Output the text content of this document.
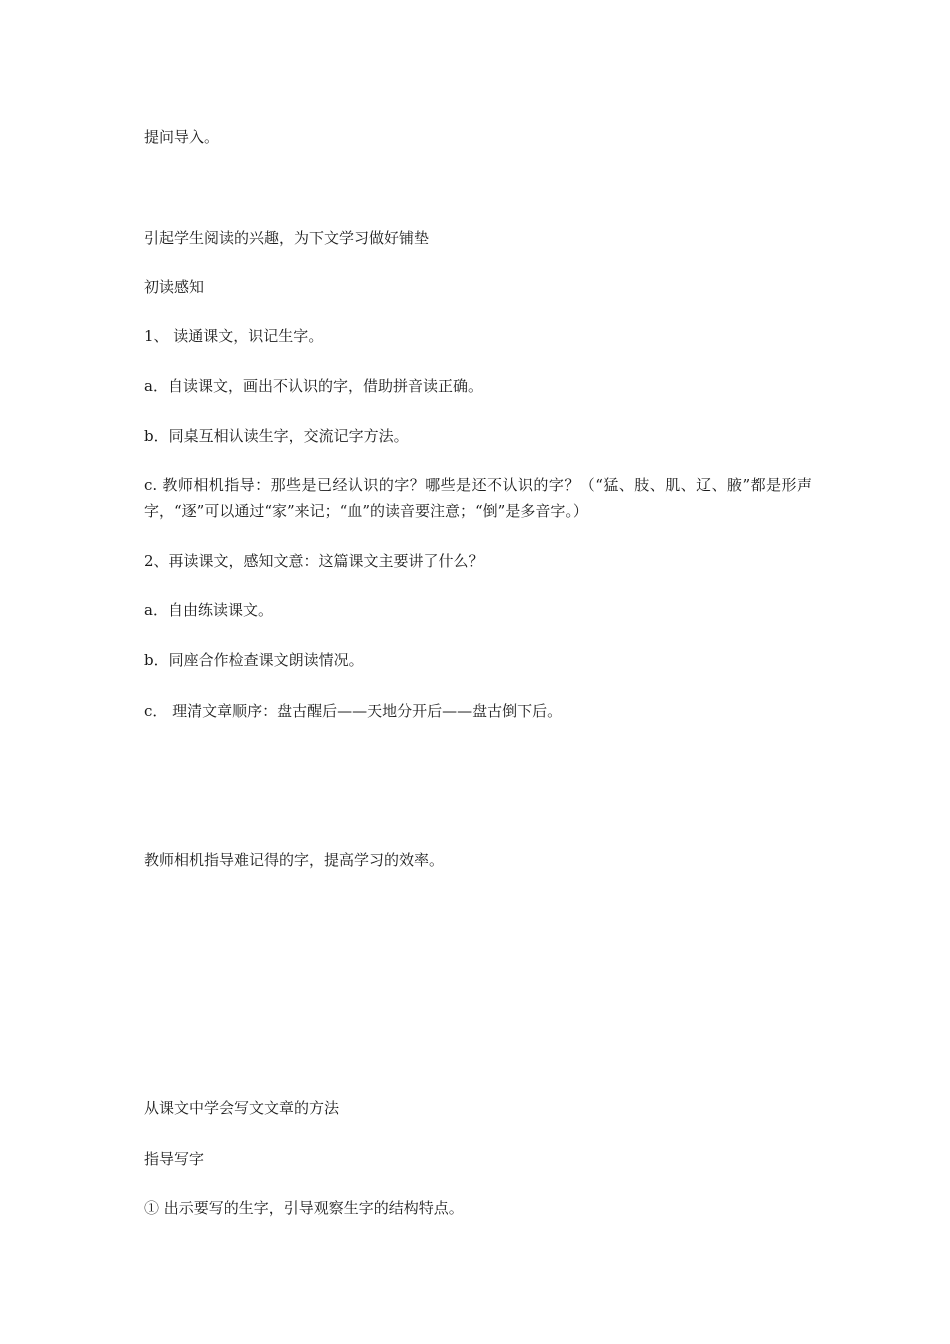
提问导入。

引起学生阅读的兴趣，为下文学习做好铺垫

初读感知

1、 读通课文，识记生字。

a．自读课文，画出不认识的字，借助拼音读正确。

b．同桌互相认读生字，交流记字方法。

c. 教师相机指导：那些是已经认识的字？哪些是还不认识的字？（“猛、肢、肌、辽、腋”都是形声字，“逐”可以通过“家”来记；“血”的读音要注意；“倒”是多音字。）

2、再读课文，感知文意：这篇课文主要讲了什么？

a．自由练读课文。

b．同座合作检查课文朗读情况。

c． 理清文章顺序：盘古醒后——天地分开后——盘古倒下后。

教师相机指导难记得的字，提高学习的效率。

从课文中学会写文文章的方法

指导写字

① 出示要写的生字，引导观察生字的结构特点。
